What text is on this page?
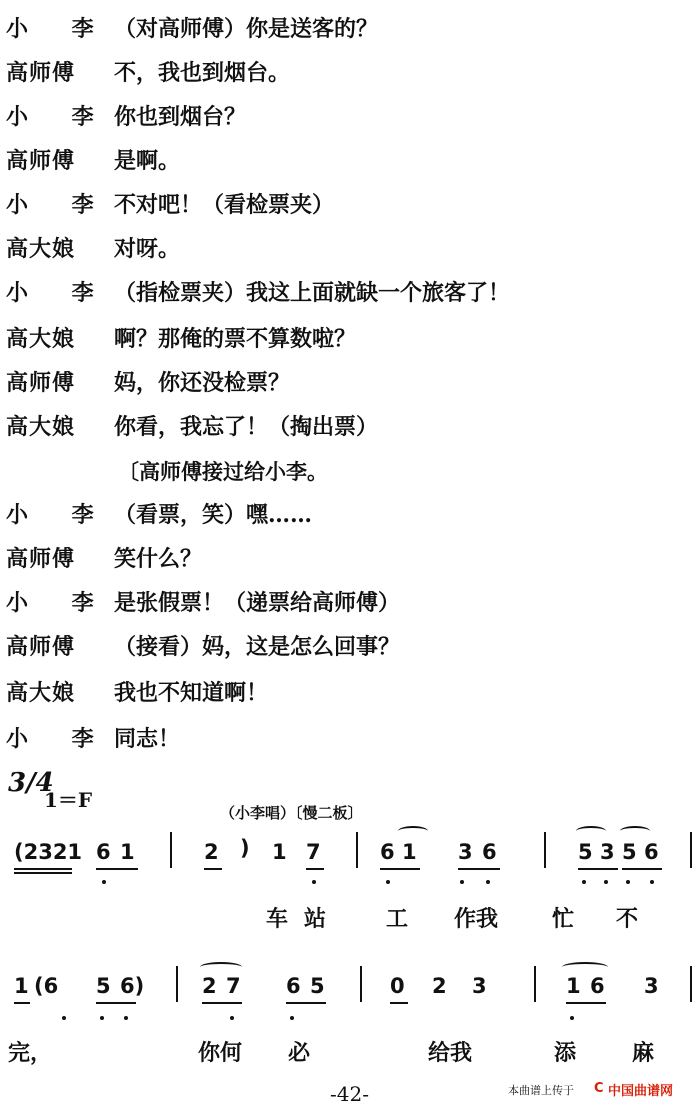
小 李 （对高师傅）你是送客的？
高师傅	不，我也到烟台。
小 李 你也到烟台？
高师傅	是啊。
小 李 不对吧！（看检票夹）
高大娘	对呀。
小 李 （指检票夹）我这上面就缺一个旅客了！
高大娘	啊？那俺的票不算数啦？
高师傅	妈，你还没检票？
高大娘	你看，我忘了！（掏出票）
〔高师傅接过给小李。
小 李 （看票，笑）嘿……
高师傅	笑什么？
小 李 是张假票！（递票给高师傅）
高师傅	（接看）妈，这是怎么回事？
高大娘	我也不知道啊！
小 李 同志！
3/4
1＝F
（小李唱）〔慢二板〕
(2321 6 1	2 ) 1 7	6 1 3 6	5 3 5 6
车 站	工 作我 忙 不
1 (6 5 6)	2 7 6 5	0 2 3	1 6 3
完，	你何 必	给我	添	麻
-42-	本曲谱上传于 C 中国曲谱网
